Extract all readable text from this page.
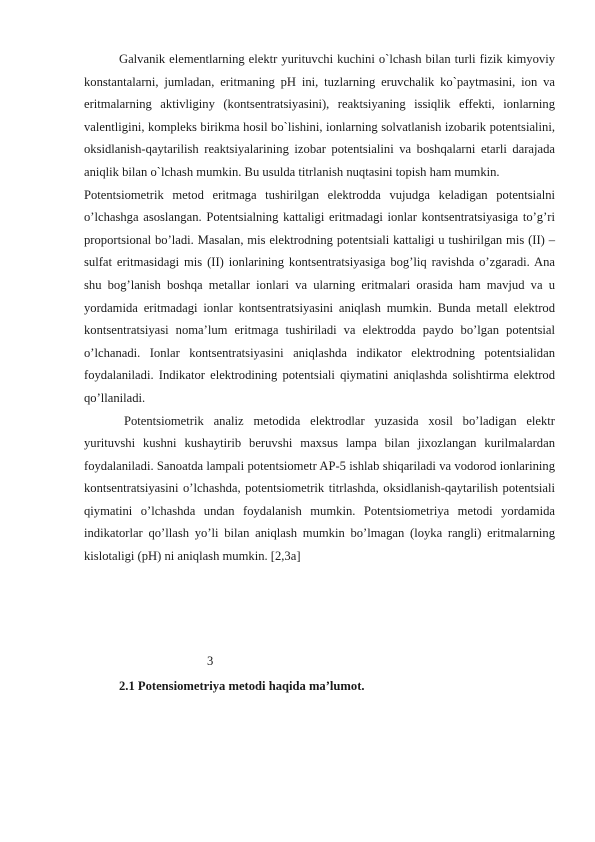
Galvanik elementlarning elektr yurituvchi kuchini o`lchash bilan turli fizik kimyoviy konstantalarni, jumladan, eritmaning pH ini, tuzlarning eruvchalik ko`paytmasini, ion va eritmalarning aktivliginy (kontsentratsiyasini), reaktsiyaning issiqlik effekti, ionlarning valentligini, kompleks birikma hosil bo`lishini, ionlarning solvatlanish izobarik potentsialini, oksidlanish-qaytarilish reaktsiyalarining izobar potentsialini va boshqalarni etarli darajada aniqlik bilan o`lchash mumkin. Bu usulda titrlanish nuqtasini topish ham mumkin.

Potentsiometrik metod eritmaga tushirilgan elektrodda vujudga keladigan potentsialni o’lchashga asoslangan. Potentsialning kattaligi eritmadagi ionlar kontsentratsiyasiga to’g’ri proportsional bo’ladi. Masalan, mis elektrodning potentsiali kattaligi u tushirilgan mis (II) – sulfat eritmasidagi mis (II) ionlarining kontsentratsiyasiga bog’liq ravishda o’zgaradi. Ana shu bog’lanish boshqa metallar ionlari va ularning eritmalari orasida ham mavjud va u yordamida eritmadagi ionlar kontsentratsiyasini aniqlash mumkin. Bunda metall elektrod kontsentratsiyasi noma’lum eritmaga tushiriladi va elektrodda paydo bo’lgan potentsial o’lchanadi. Ionlar kontsentratsiyasini aniqlashda indikator elektrodning potentsialidan foydalaniladi. Indikator elektrodining potentsiali qiymatini aniqlashda solishtirma elektrod qo’llaniladi.

Potentsiometrik analiz metodida elektrodlar yuzasida xosil bo’ladigan elektr yurituvshi kushni kushaytirib beruvshi maxsus lampa bilan jixozlangan kurilmalardan foydalaniladi. Sanoatda lampali potentsiometr AP-5 ishlab shiqariladi va vodorod ionlarining kontsentratsiyasini o’lchashda, potentsiometrik titrlashda, oksidlanish-qaytarilish potentsiali qiymatini o’lchashda undan foydalanish mumkin. Potentsiometriya metodi yordamida indikatorlar qo’llash yo’li bilan aniqlash mumkin bo’lmagan (loyka rangli) eritmalarning kislotaligi (pH) ni aniqlash mumkin. [2,3a]

3
2.1 Potensiometriya metodi haqida ma’lumot.
